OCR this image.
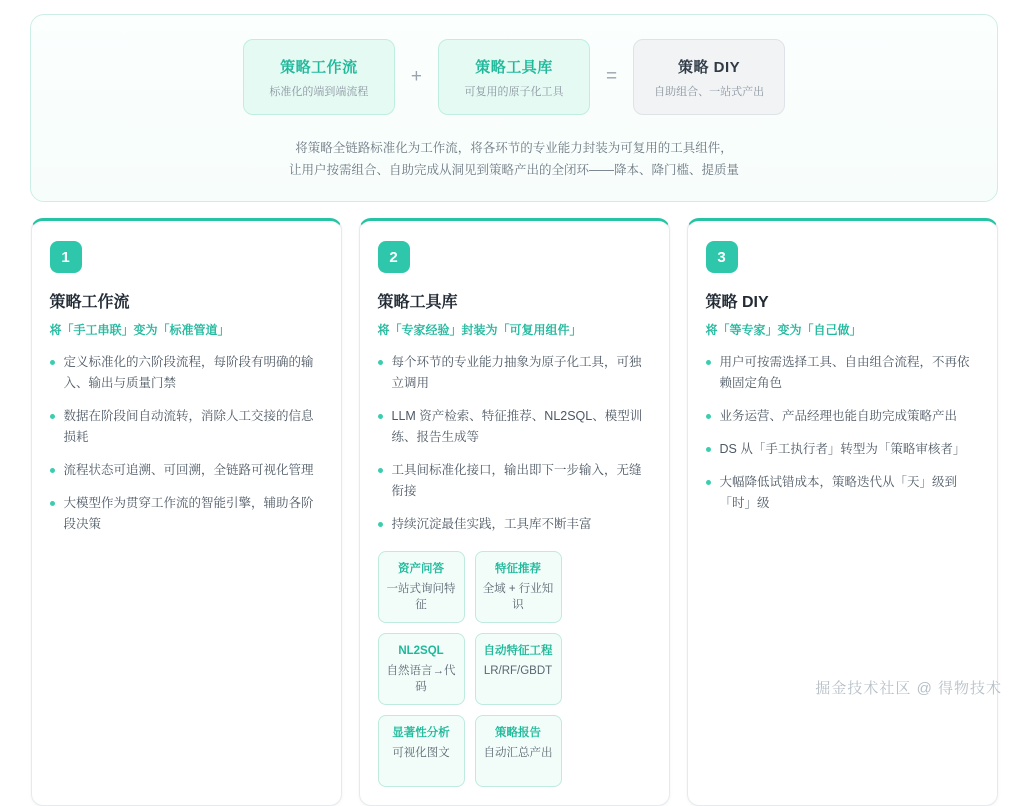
策略工作流
标准化的端到端流程
+	策略工具库
可复用的原子化工具
=	策略 DIY
自助组合、一站式产出
将策略全链路标准化为工作流，将各环节的专业能力封装为可复用的工具组件，
让用户按需组合、自助完成从洞见到策略产出的全闭环——降本、降门槛、提质量
1
策略工作流
将「手工串联」变为「标准管道」
定义标准化的六阶段流程，每阶段有明确的输入、输出与质量门禁
数据在阶段间自动流转，消除人工交接的信息损耗
流程状态可追溯、可回溯，全链路可视化管理
大模型作为贯穿工作流的智能引擎，辅助各阶段决策
2
策略工具库
将「专家经验」封装为「可复用组件」
每个环节的专业能力抽象为原子化工具，可独立调用
LLM 资产检索、特征推荐、NL2SQL、模型训练、报告生成等
工具间标准化接口，输出即下一步输入，无缝衔接
持续沉淀最佳实践，工具库不断丰富
资产问答
一站式询问特征
特征推荐
全域 + 行业知识
NL2SQL
自然语言→代码
自动特征工程
LR/RF/GBDT
显著性分析
可视化图文
策略报告
自动汇总产出
3
策略 DIY
将「等专家」变为「自己做」
用户可按需选择工具、自由组合流程，不再依赖固定角色
业务运营、产品经理也能自助完成策略产出
DS 从「手工执行者」转型为「策略审核者」
大幅降低试错成本，策略迭代从「天」级到「时」级
掘金技术社区 @ 得物技术
